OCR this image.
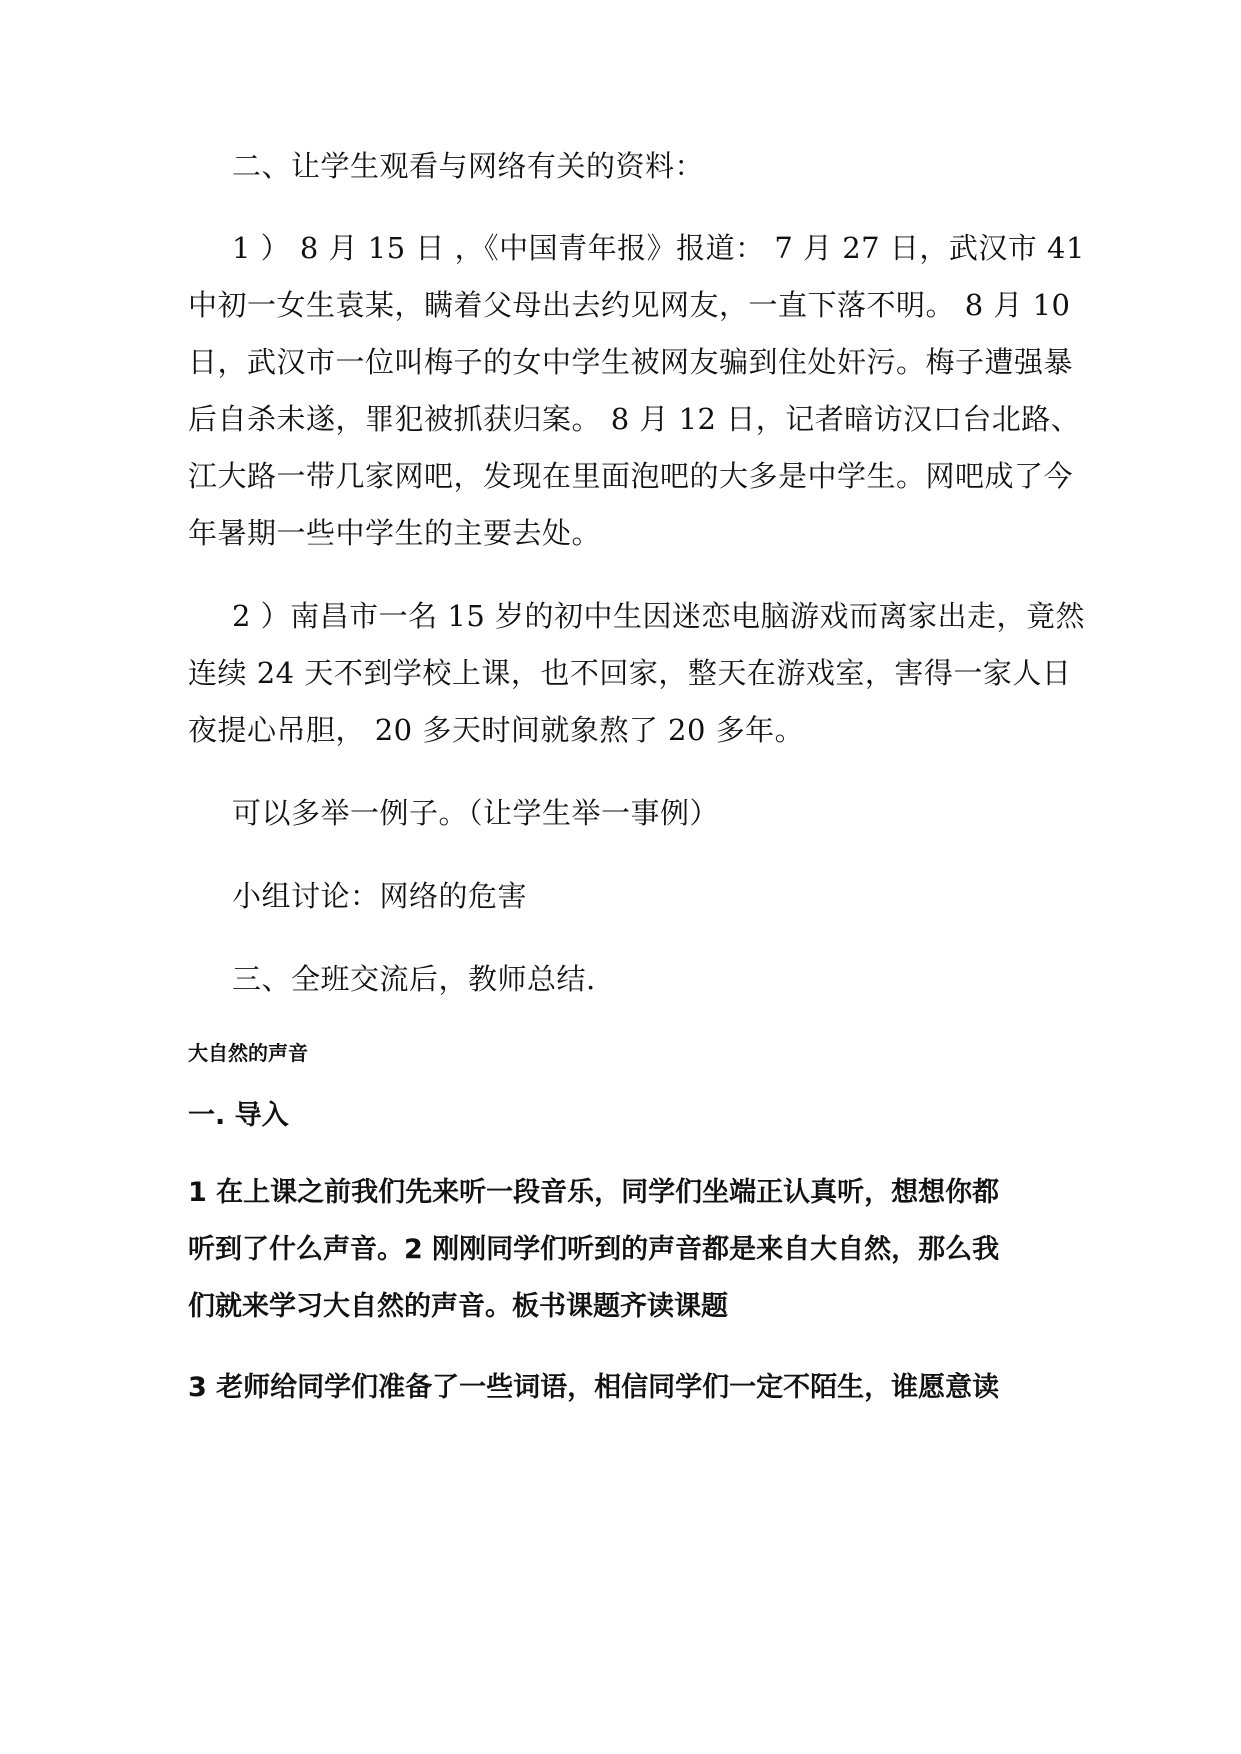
二、让学生观看与网络有关的资料：
1 ） 8 月 15 日 ，《中国青年报》报道： 7 月 27 日，武汉市 41
中初一女生袁某，瞒着父母出去约见网友，一直下落不明。 8 月 10
日，武汉市一位叫梅子的女中学生被网友骗到住处奸污。梅子遭强暴
后自杀未遂，罪犯被抓获归案。 8 月 12 日，记者暗访汉口台北路、
江大路一带几家网吧，发现在里面泡吧的大多是中学生。网吧成了今
年暑期一些中学生的主要去处。
2 ）南昌市一名 15 岁的初中生因迷恋电脑游戏而离家出走，竟然
连续 24 天不到学校上课，也不回家，整天在游戏室，害得一家人日
夜提心吊胆， 20 多天时间就象熬了 20 多年。
可以多举一例子。（让学生举一事例）
小组讨论：网络的危害
三、全班交流后，教师总结.
大自然的声音
一. 导入
1 在上课之前我们先来听一段音乐，同学们坐端正认真听，想想你都
听到了什么声音。2 刚刚同学们听到的声音都是来自大自然，那么我
们就来学习大自然的声音。板书课题齐读课题
3 老师给同学们准备了一些词语，相信同学们一定不陌生，谁愿意读
